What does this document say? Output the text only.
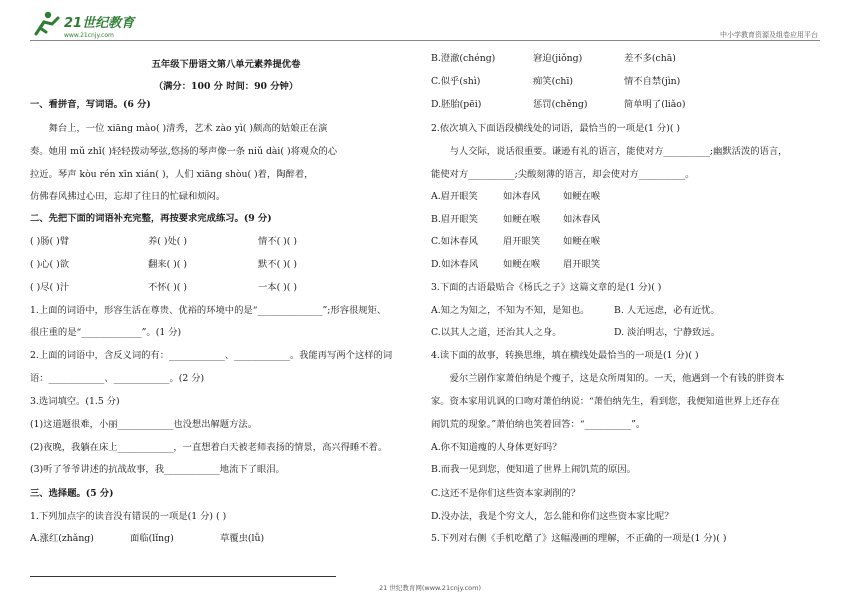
21世纪教育
www.21cnjy.com	中小学教育资源及组卷应用平台
五年级下册语文第八单元素养提优卷
（满分：100 分 时间：90 分钟）
一、看拼音，写词语。(6 分)
舞台上，一位 xiāng mào( )清秀，艺术 zào yì( )颇高的姑娘正在演
奏。她用 mǔ zhǐ( )轻轻拨动琴弦,悠扬的琴声像一条 niǔ dài( )将观众的心
拉近。琴声 kòu rén xīn xián( )，人们 xiāng shòu( )着，陶醉着，
仿佛春风拂过心田，忘却了往日的忙碌和烦闷。
二、先把下面的词语补充完整，再按要求完成练习。(9 分)
( )肠( )臂	养( )处( )	情不( )( )
( )心( )欲	翻来( )( )	默不( )( )
( )尽( )汁	不怀( )( )	一本( )( )
1.上面的词语中，形容生活在尊贵、优裕的环境中的是“______________”;形容很规矩、
很庄重的是“_____________”。(1 分)
2.上面的词语中，含反义词的有：____________、____________。我能再写两个这样的词
语：____________、____________。(2 分)
3.选词填空。(1.5 分)
(1)这道题很难，小丽____________也没想出解题方法。
(2)夜晚，我躺在床上____________，一直想着白天被老师表扬的情景，高兴得睡不着。
(3)听了爷爷讲述的抗战故事，我____________地流下了眼泪。
三、选择题。(5 分)
1.下列加点字的读音没有错误的一项是(1 分) ( )
A.涨红(zhǎng)	面临(lǐng)	草覆虫(lǚ)
B.澄澈(chéng)	窘迫(jiǒng)	差不多(chā)
C.似乎(shì)	痴笑(chī)	情不自禁(jìn)
D.胚胎(pēi)	惩罚(chěng)	简单明了(liǎo)
2.依次填入下面语段横线处的词语，最恰当的一项是(1 分)( )
与人交际，说话很重要。谦逊有礼的语言，能使对方__________;幽默活泼的语言，
能使对方__________;尖酸刻薄的语言，却会使对方__________。
A.眉开眼笑	如沐春风 如鲠在喉
B.眉开眼笑	如鲠在喉 如沐春风
C.如沐春风	眉开眼笑 如鲠在喉
D.如沐春风	如鲠在喉 眉开眼笑
3.下面的古语最贴合《杨氏之子》这篇文章的是(1 分)( )
A.知之为知之，不知为不知，是知也。	B. 人无远虑，必有近忧。
C.以其人之道，还治其人之身。	D. 淡泊明志，宁静致远。
4.读下面的故事，转换思维，填在横线处最恰当的一项是(1 分)( )
爱尔兰剧作家萧伯纳是个瘦子，这是众所周知的。一天，他遇到一个有钱的胖资本
家。资本家用讥讽的口吻对萧伯纳说：“萧伯纳先生，看到您，我便知道世界上还存在
闹饥荒的现象。”萧伯纳也笑着回答：“__________”。
A.你不知道瘦的人身体更好吗？
B.而我一见到您，便知道了世界上闹饥荒的原因。
C.这还不是你们这些资本家剥削的？
D.没办法，我是个穷文人，怎么能和你们这些资本家比呢？
5.下列对右侧《手机吃醋了》这幅漫画的理解，不正确的一项是(1 分)( )
21 世纪教育网(www.21cnjy.com)
